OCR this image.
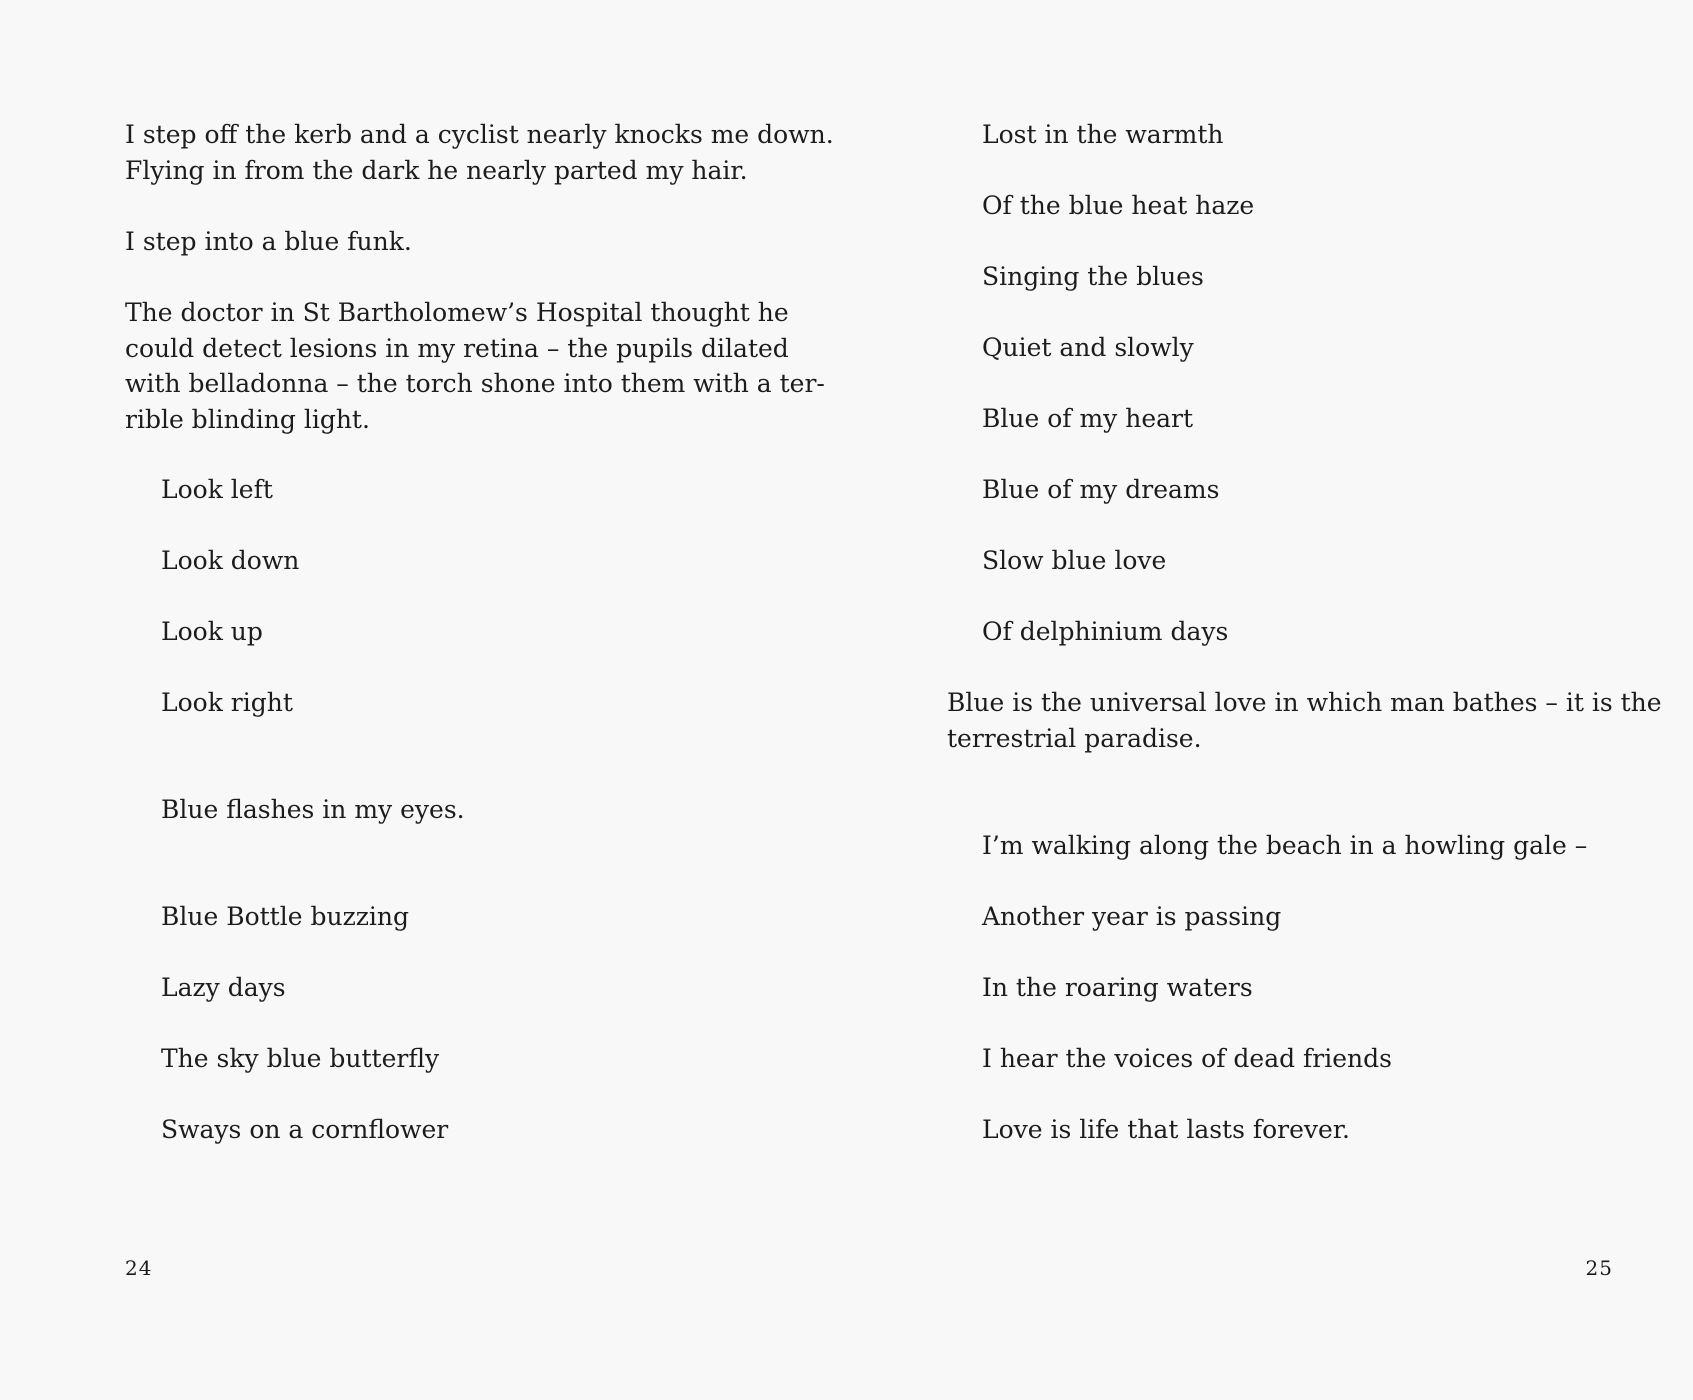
I step off the kerb and a cyclist nearly knocks me down.
Flying in from the dark he nearly parted my hair.
I step into a blue funk.
The doctor in St Bartholomew’s Hospital thought he
could detect lesions in my retina – the pupils dilated
with belladonna – the torch shone into them with a ter-
rible blinding light.
Look left
Look down
Look up
Look right
Blue flashes in my eyes.
Blue Bottle buzzing
Lazy days
The sky blue butterfly
Sways on a cornflower
24
Lost in the warmth
Of the blue heat haze
Singing the blues
Quiet and slowly
Blue of my heart
Blue of my dreams
Slow blue love
Of delphinium days
Blue is the universal love in which man bathes – it is the
terrestrial paradise.
I’m walking along the beach in a howling gale –
Another year is passing
In the roaring waters
I hear the voices of dead friends
Love is life that lasts forever.
25
